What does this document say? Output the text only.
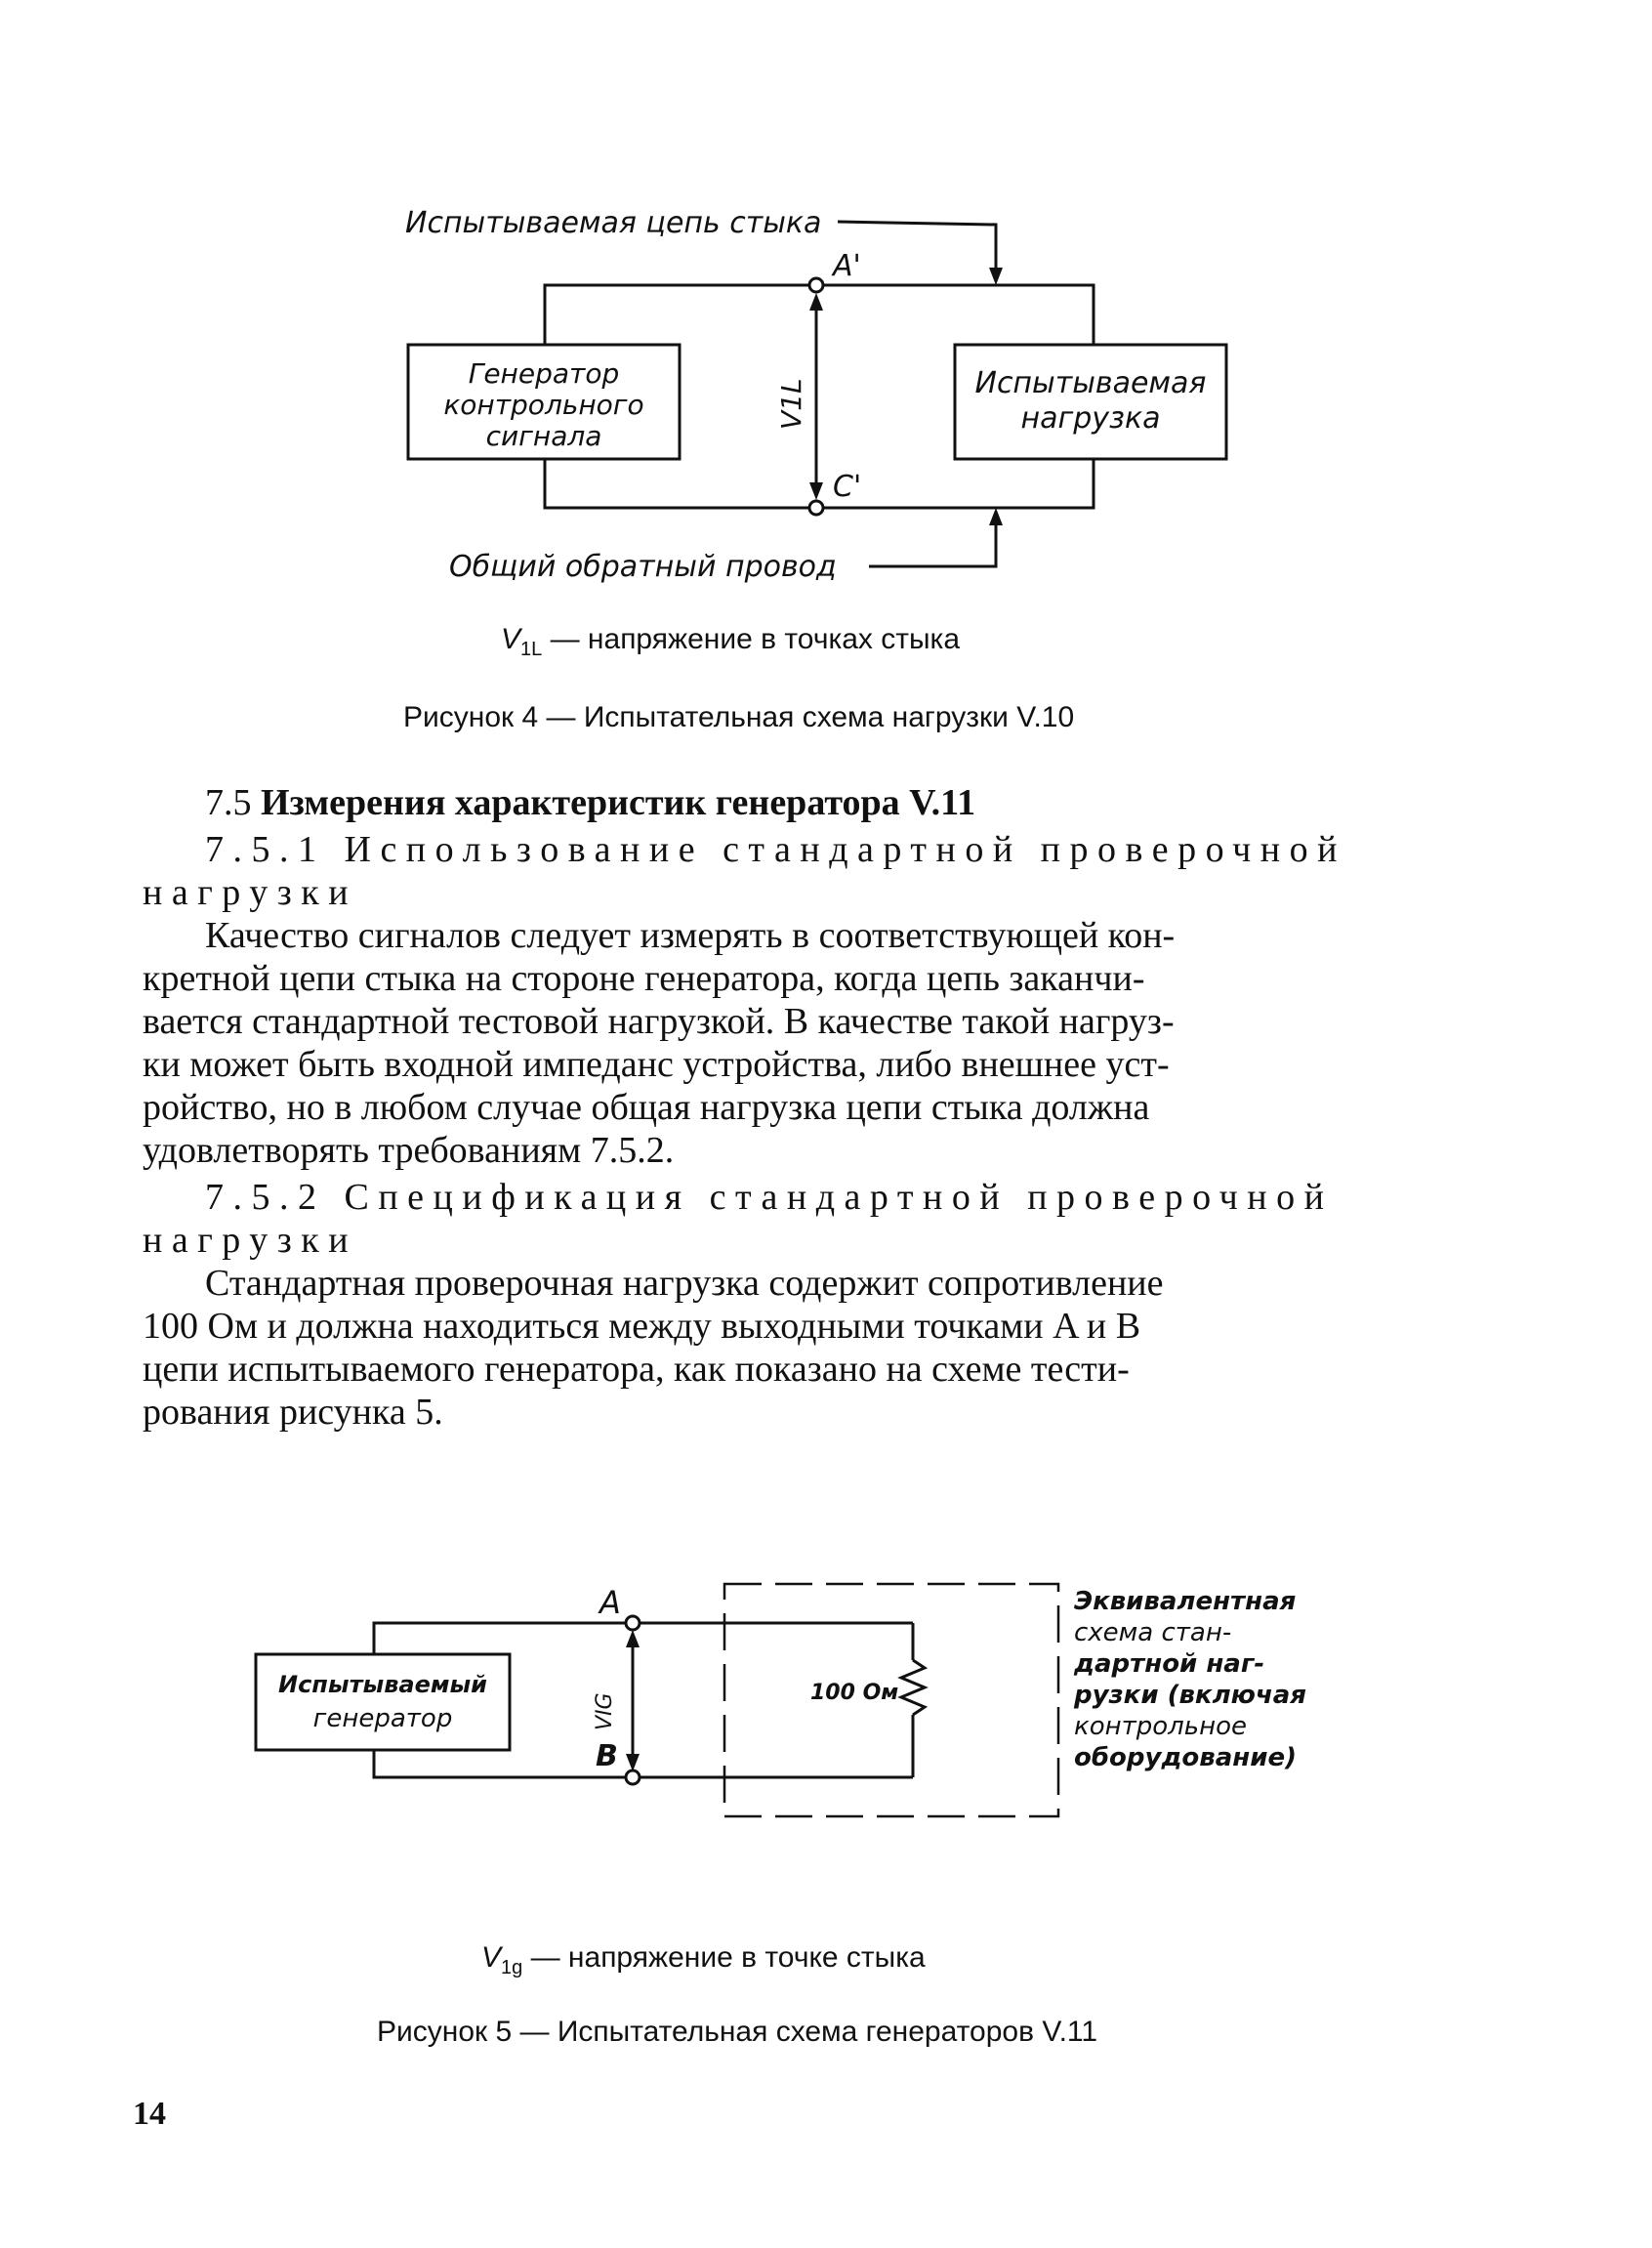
Испытываемая цепь стыка
Общий обратный провод
A'
C'
V1L
Генератор
контрольного
сигнала
Испытываемая
нагрузка
$V_{1L}$ — напряжение в точках стыка
Рисунок 4 — Испытательная схема нагрузки V.10
7.5 Измерения характеристик генератора V.11
7.5.1 Использование стандартной проверочной
нагрузки
Качество сигналов следует измерять в соответствующей кон-
кретной цепи стыка на стороне генератора, когда цепь заканчи-
вается стандартной тестовой нагрузкой. В качестве такой нагруз-
ки может быть входной импеданс устройства, либо внешнее уст-
ройство, но в любом случае общая нагрузка цепи стыка должна
удовлетворять требованиям 7.5.2.
7.5.2 Спецификация стандартной проверочной
нагрузки
Стандартная проверочная нагрузка содержит сопротивление
100 Ом и должна находиться между выходными точками A и B
цепи испытываемого генератора, как показано на схеме тести-
рования рисунка 5.
A
B
VIG
Испытываемый
генератор
100 Ом
Эквивалентная
схема стан-
дартной наг-
рузки (включая
контрольное
оборудование)
$V_{1g}$ — напряжение в точке стыка
Рисунок 5 — Испытательная схема генераторов V.11
14
